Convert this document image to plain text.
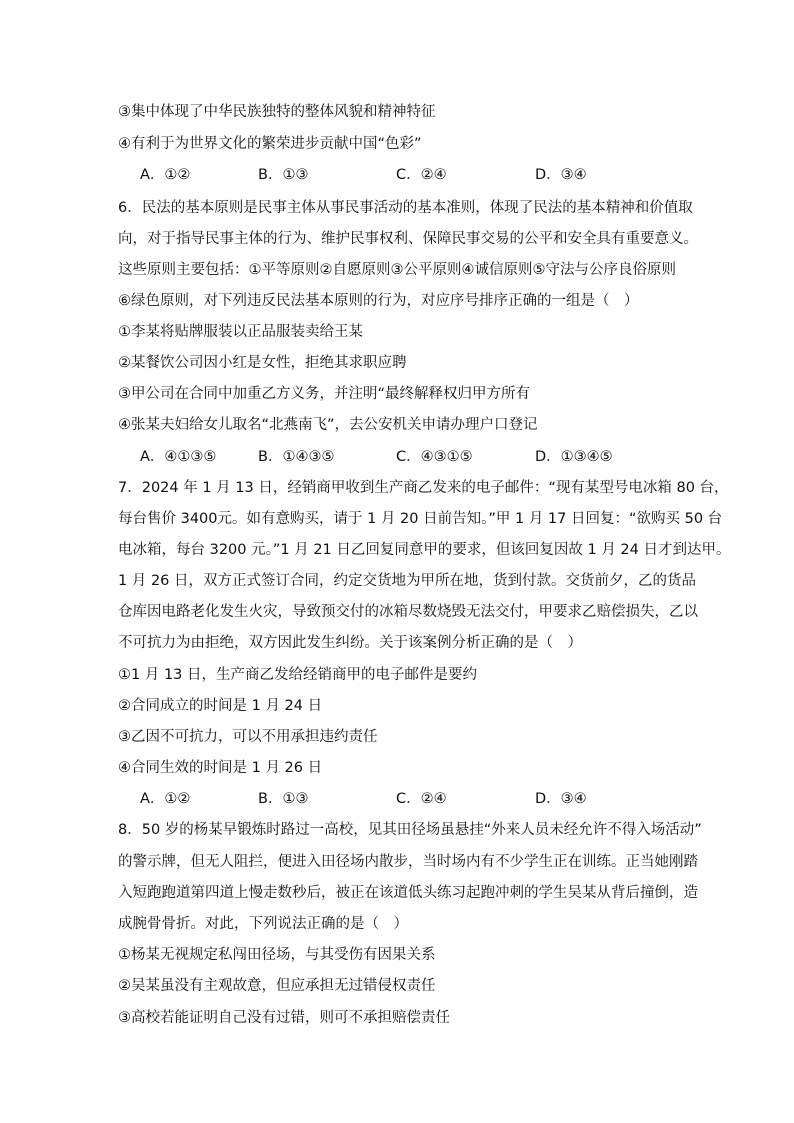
③集中体现了中华民族独特的整体风貌和精神特征
④有利于为世界文化的繁荣进步贡献中国“色彩”
A．①②	B．①③	C．②④	D．③④
6．民法的基本原则是民事主体从事民事活动的基本准则，体现了民法的基本精神和价值取
向，对于指导民事主体的行为、维护民事权利、保障民事交易的公平和安全具有重要意义。
这些原则主要包括：①平等原则②自愿原则③公平原则④诚信原则⑤守法与公序良俗原则
⑥绿色原则，对下列违反民法基本原则的行为，对应序号排序正确的一组是（　）
①李某将贴牌服装以正品服装卖给王某
②某餐饮公司因小红是女性，拒绝其求职应聘
③甲公司在合同中加重乙方义务，并注明“最终解释权归甲方所有
④张某夫妇给女儿取名“北燕南飞”，去公安机关申请办理户口登记
A．④①③⑤	B．①④③⑤	C．④③①⑤	D．①③④⑤
7．2024 年 1 月 13 日，经销商甲收到生产商乙发来的电子邮件：“现有某型号电冰箱 80 台，
每台售价 3400元。如有意购买，请于 1 月 20 日前告知。”甲 1 月 17 日回复：“欲购买 50 台
电冰箱，每台 3200 元。”1 月 21 日乙回复同意甲的要求，但该回复因故 1 月 24 日才到达甲。
1 月 26 日，双方正式签订合同，约定交货地为甲所在地，货到付款。交货前夕，乙的货品
仓库因电路老化发生火灾，导致预交付的冰箱尽数烧毁无法交付，甲要求乙赔偿损失，乙以
不可抗力为由拒绝，双方因此发生纠纷。关于该案例分析正确的是（　）
①1 月 13 日，生产商乙发给经销商甲的电子邮件是要约
②合同成立的时间是 1 月 24 日
③乙因不可抗力，可以不用承担违约责任
④合同生效的时间是 1 月 26 日
A．①②	B．①③	C．②④	D．③④
8．50 岁的杨某早锻炼时路过一高校，见其田径场虽悬挂“外来人员未经允许不得入场活动”
的警示牌，但无人阻拦，便进入田径场内散步，当时场内有不少学生正在训练。正当她刚踏
入短跑跑道第四道上慢走数秒后，被正在该道低头练习起跑冲刺的学生吴某从背后撞倒，造
成腕骨骨折。对此，下列说法正确的是（　）
①杨某无视规定私闯田径场，与其受伤有因果关系
②吴某虽没有主观故意，但应承担无过错侵权责任
③高校若能证明自己没有过错，则可不承担赔偿责任
